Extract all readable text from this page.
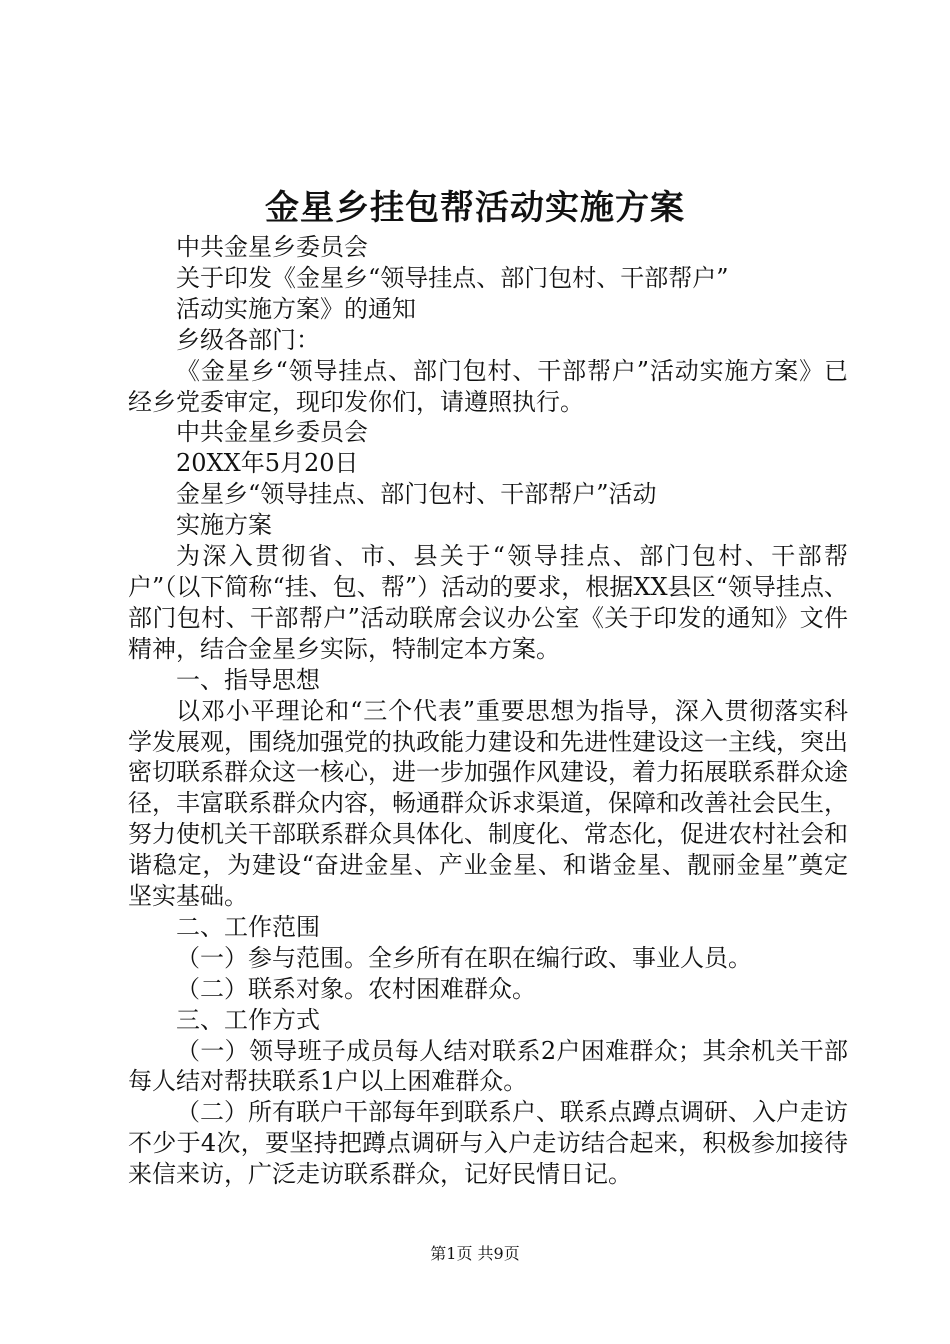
金星乡挂包帮活动实施方案

中共金星乡委员会

关于印发《金星乡“领导挂点、部门包村、干部帮户”

活动实施方案》的通知

乡级各部门：

《金星乡“领导挂点、部门包村、干部帮户”活动实施方案》已经乡党委审定，现印发你们，请遵照执行。

中共金星乡委员会

20XX年5月20日

金星乡“领导挂点、部门包村、干部帮户”活动

实施方案

为深入贯彻省、市、县关于“领导挂点、部门包村、干部帮户”（以下简称“挂、包、帮”）活动的要求，根据XX县区“领导挂点、部门包村、干部帮户”活动联席会议办公室《关于印发的通知》文件精神，结合金星乡实际，特制定本方案。

一、指导思想

以邓小平理论和“三个代表”重要思想为指导，深入贯彻落实科学发展观，围绕加强党的执政能力建设和先进性建设这一主线，突出密切联系群众这一核心，进一步加强作风建设，着力拓展联系群众途径，丰富联系群众内容，畅通群众诉求渠道，保障和改善社会民生，努力使机关干部联系群众具体化、制度化、常态化，促进农村社会和谐稳定，为建设“奋进金星、产业金星、和谐金星、靓丽金星”奠定坚实基础。

二、工作范围

（一）参与范围。全乡所有在职在编行政、事业人员。

（二）联系对象。农村困难群众。

三、工作方式

（一）领导班子成员每人结对联系2户困难群众；其余机关干部每人结对帮扶联系1户以上困难群众。

（二）所有联户干部每年到联系户、联系点蹲点调研、入户走访不少于4次，要坚持把蹲点调研与入户走访结合起来，积极参加接待来信来访，广泛走访联系群众，记好民情日记。

第1页 共9页
